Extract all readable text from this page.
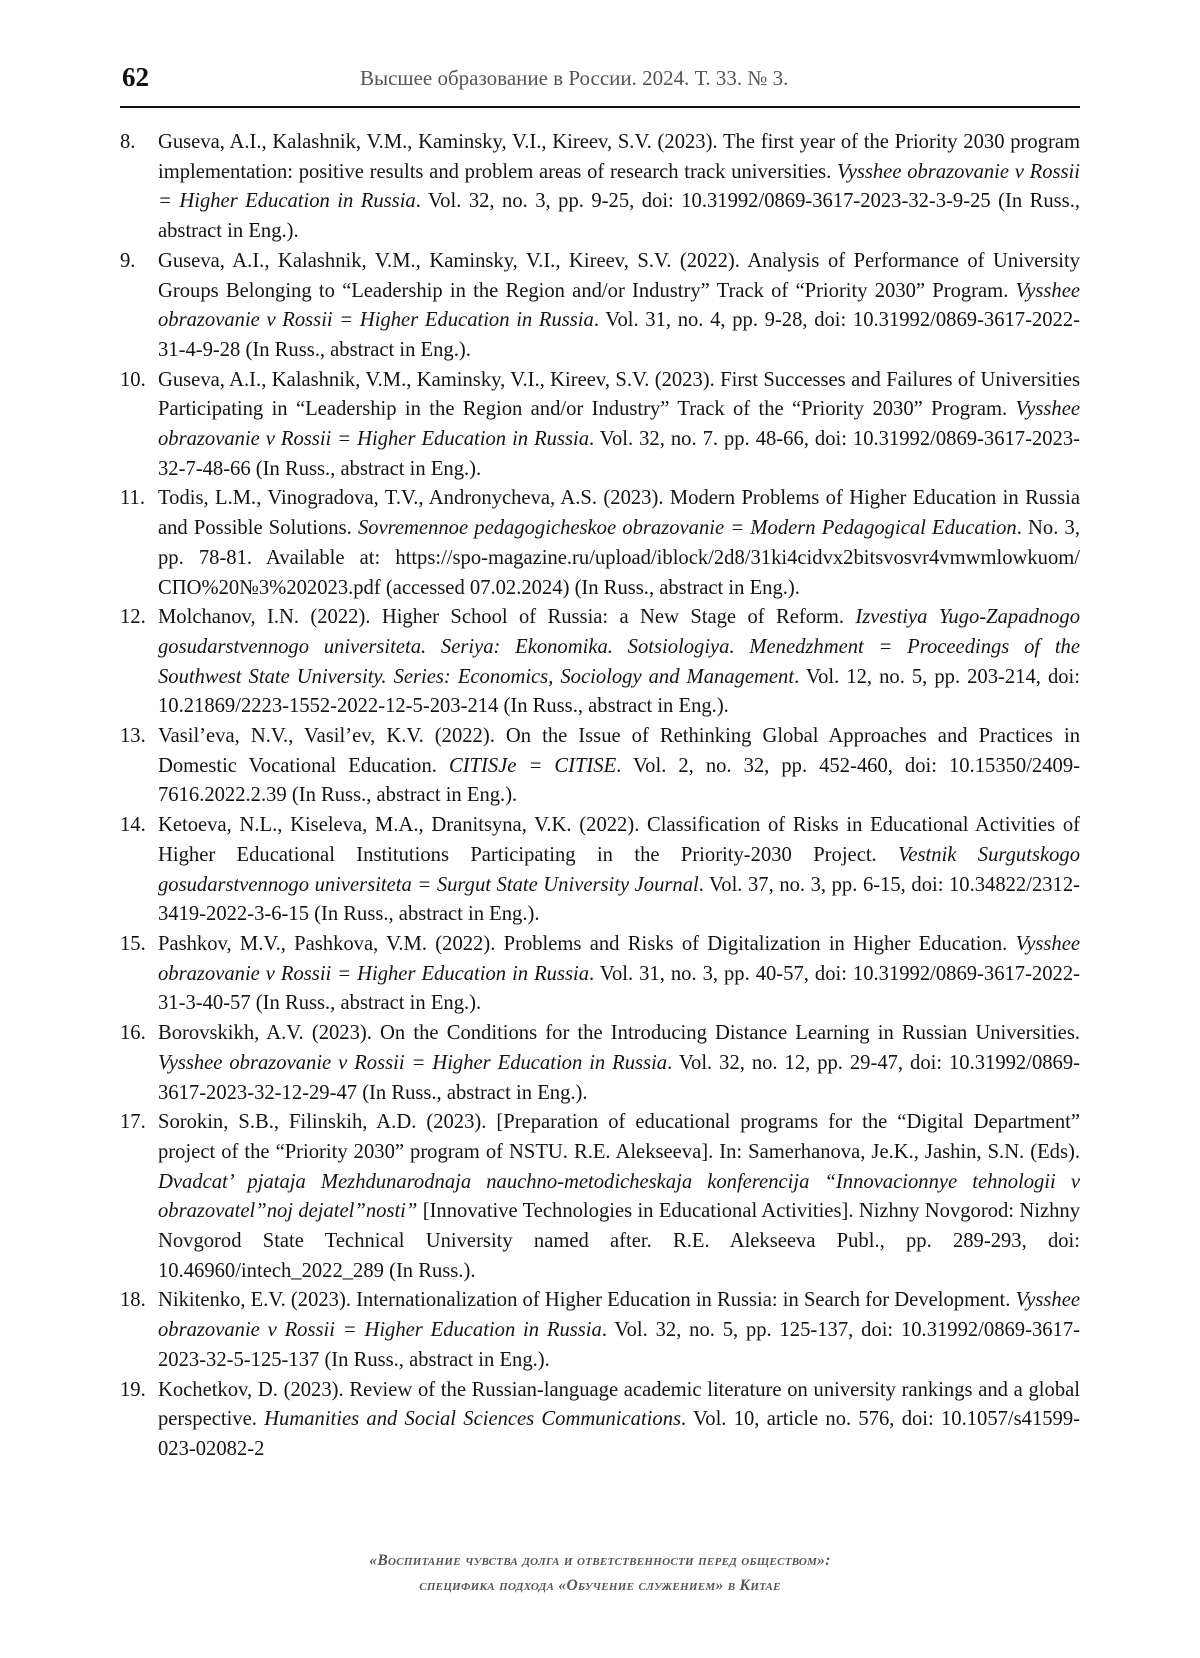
62	Высшее образование в России. 2024. Т. 33. № 3.
8. Guseva, A.I., Kalashnik, V.M., Kaminsky, V.I., Kireev, S.V. (2023). The first year of the Priority 2030 program implementation: positive results and problem areas of research track universities. Vysshee obrazovanie v Rossii = Higher Education in Russia. Vol. 32, no. 3, pp. 9-25, doi: 10.31992/0869-3617-2023-32-3-9-25 (In Russ., abstract in Eng.).
9. Guseva, A.I., Kalashnik, V.M., Kaminsky, V.I., Kireev, S.V. (2022). Analysis of Performance of University Groups Belonging to “Leadership in the Region and/or Industry” Track of “Priority 2030” Program. Vysshee obrazovanie v Rossii = Higher Education in Russia. Vol. 31, no. 4, pp. 9-28, doi: 10.31992/0869-3617-2022-31-4-9-28 (In Russ., abstract in Eng.).
10. Guseva, A.I., Kalashnik, V.M., Kaminsky, V.I., Kireev, S.V. (2023). First Successes and Failures of Universities Participating in “Leadership in the Region and/or Industry” Track of the “Priority 2030” Program. Vysshee obrazovanie v Rossii = Higher Education in Russia. Vol. 32, no. 7. pp. 48-66, doi: 10.31992/0869-3617-2023-32-7-48-66 (In Russ., abstract in Eng.).
11. Todis, L.M., Vinogradova, T.V., Andronycheva, A.S. (2023). Modern Problems of Higher Education in Russia and Possible Solutions. Sovremennoe pedagogicheskoe obrazovanie = Modern Pedagogical Education. No. 3, pp. 78-81. Available at: https://spo-magazine.ru/upload/iblock/2d8/31ki4cidvx2bitsvosvr4vmwmlowkuom/СПО%20№3%202023.pdf (accessed 07.02.2024) (In Russ., abstract in Eng.).
12. Molchanov, I.N. (2022). Higher School of Russia: a New Stage of Reform. Izvestiya Yugo-Zapadnogo gosudarstvennogo universiteta. Seriya: Ekonomika. Sotsiologiya. Menedzhment = Proceedings of the Southwest State University. Series: Economics, Sociology and Management. Vol. 12, no. 5, pp. 203-214, doi: 10.21869/2223-1552-2022-12-5-203-214 (In Russ., abstract in Eng.).
13. Vasil’eva, N.V., Vasil’ev, K.V. (2022). On the Issue of Rethinking Global Approaches and Practices in Domestic Vocational Education. CITISJe = CITISE. Vol. 2, no. 32, pp. 452-460, doi: 10.15350/2409-7616.2022.2.39 (In Russ., abstract in Eng.).
14. Ketoeva, N.L., Kiseleva, M.A., Dranitsyna, V.K. (2022). Classification of Risks in Educational Activities of Higher Educational Institutions Participating in the Priority-2030 Project. Vestnik Surgutskogo gosudarstvennogo universiteta = Surgut State University Journal. Vol. 37, no. 3, pp. 6-15, doi: 10.34822/2312-3419-2022-3-6-15 (In Russ., abstract in Eng.).
15. Pashkov, M.V., Pashkova, V.M. (2022). Problems and Risks of Digitalization in Higher Education. Vysshee obrazovanie v Rossii = Higher Education in Russia. Vol. 31, no. 3, pp. 40-57, doi: 10.31992/0869-3617-2022-31-3-40-57 (In Russ., abstract in Eng.).
16. Borovskikh, A.V. (2023). On the Conditions for the Introducing Distance Learning in Russian Universities. Vysshee obrazovanie v Rossii = Higher Education in Russia. Vol. 32, no. 12, pp. 29-47, doi: 10.31992/0869-3617-2023-32-12-29-47 (In Russ., abstract in Eng.).
17. Sorokin, S.B., Filinskih, A.D. (2023). [Preparation of educational programs for the “Digital Department” project of the “Priority 2030” program of NSTU. R.E. Alekseeva]. In: Samerhanova, Je.K., Jashin, S.N. (Eds). Dvadcat’ pjataja Mezhdunarodnaja nauchno-metodicheskaja konferencija “Innovacionnye tehnologii v obrazovatel”noj dejatel”nosti” [Innovative Technologies in Educational Activities]. Nizhny Novgorod: Nizhny Novgorod State Technical University named after. R.E. Alekseeva Publ., pp. 289-293, doi: 10.46960/intech_2022_289 (In Russ.).
18. Nikitenko, E.V. (2023). Internationalization of Higher Education in Russia: in Search for Development. Vysshee obrazovanie v Rossii = Higher Education in Russia. Vol. 32, no. 5, pp. 125-137, doi: 10.31992/0869-3617-2023-32-5-125-137 (In Russ., abstract in Eng.).
19. Kochetkov, D. (2023). Review of the Russian-language academic literature on university rankings and a global perspective. Humanities and Social Sciences Communications. Vol. 10, article no. 576, doi: 10.1057/s41599-023-02082-2
«Воспитание чувства долга и ответственности перед обществом»:
специфика подхода «Обучение служением» в Китае
